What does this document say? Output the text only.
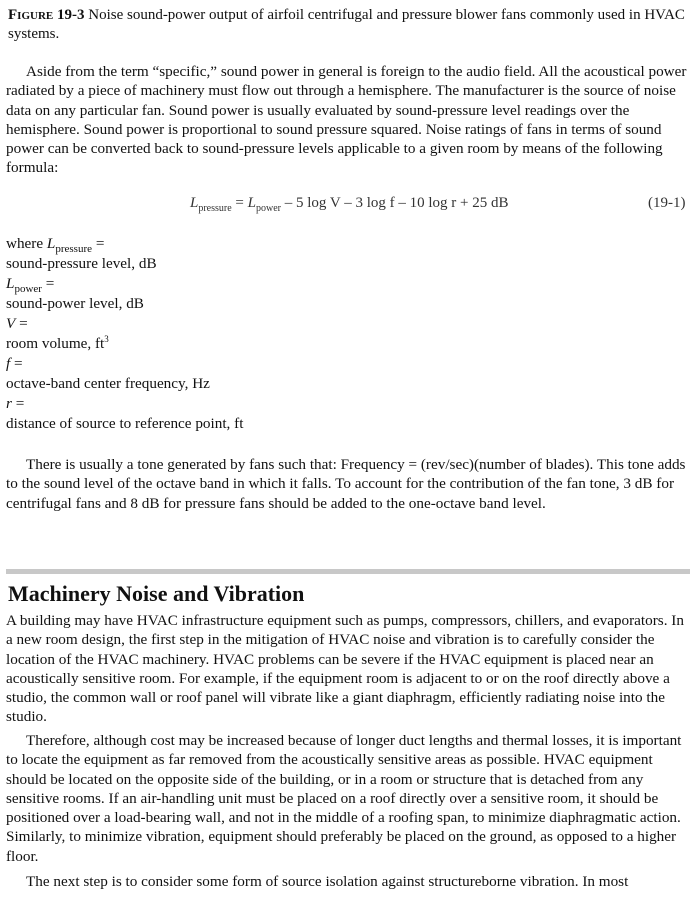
Figure 19-3 Noise sound-power output of airfoil centrifugal and pressure blower fans commonly used in HVAC systems.

Aside from the term “specific,” sound power in general is foreign to the audio field. All the acoustical power radiated by a piece of machinery must flow out through a hemisphere. The manufacturer is the source of noise data on any particular fan. Sound power is usually evaluated by sound-pressure level readings over the hemisphere. Sound power is proportional to sound pressure squared. Noise ratings of fans in terms of sound power can be converted back to sound-pressure levels applicable to a given room by means of the following formula:

$L_{pressure} = L_{power} - 5$ log V – 3 log f – 10 log r + 25 dB	(19-1)
where $L_{pressure}$ =
sound-pressure level, dB
$L_{power}$ =
sound-power level, dB
V =
room volume, $ft^3$
f =
octave-band center frequency, Hz
r =
distance of source to reference point, ft

There is usually a tone generated by fans such that: Frequency = (rev/sec)(number of blades). This tone adds to the sound level of the octave band in which it falls. To account for the contribution of the fan tone, 3 dB for centrifugal fans and 8 dB for pressure fans should be added to the one-octave band level.

Machinery Noise and Vibration

A building may have HVAC infrastructure equipment such as pumps, compressors, chillers, and evaporators. In a new room design, the first step in the mitigation of HVAC noise and vibration is to carefully consider the location of the HVAC machinery. HVAC problems can be severe if the HVAC equipment is placed near an acoustically sensitive room. For example, if the equipment room is adjacent to or on the roof directly above a studio, the common wall or roof panel will vibrate like a giant diaphragm, efficiently radiating noise into the studio.

Therefore, although cost may be increased because of longer duct lengths and thermal losses, it is important to locate the equipment as far removed from the acoustically sensitive areas as possible. HVAC equipment should be located on the opposite side of the building, or in a room or structure that is detached from any sensitive rooms. If an air-handling unit must be placed on a roof directly over a sensitive room, it should be positioned over a load-bearing wall, and not in the middle of a roofing span, to minimize diaphragmatic action. Similarly, to minimize vibration, equipment should preferably be placed on the ground, as opposed to a higher floor.

The next step is to consider some form of source isolation against structureborne vibration. In most
